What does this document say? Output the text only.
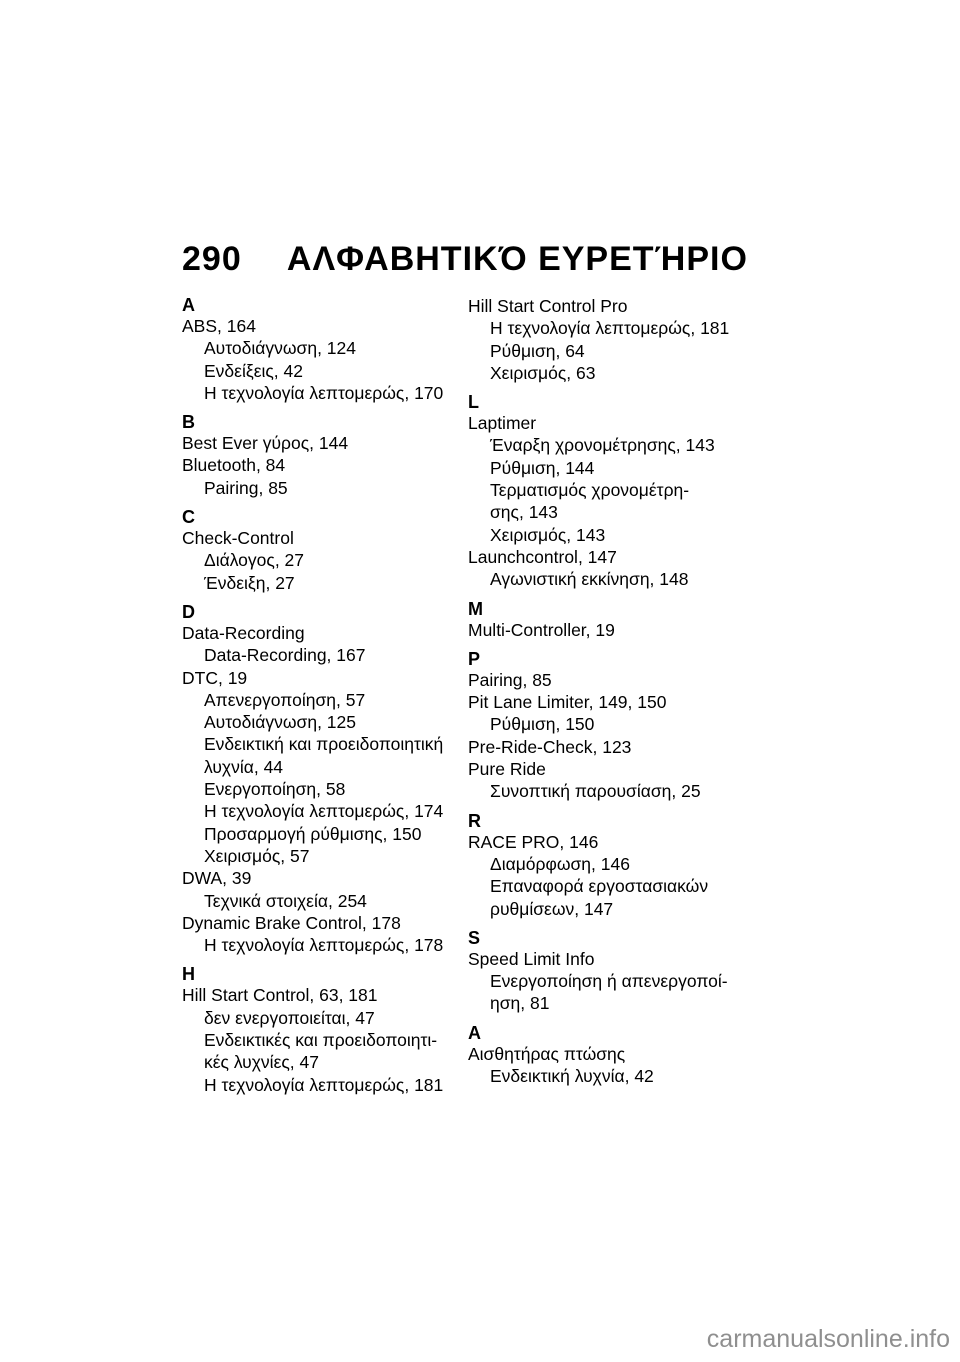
290 ΑΛΦΑΒΗΤΙΚΌ ΕΥΡΕΤΉΡΙΟ
A
ABS, 164
Αυτοδιάγνωση, 124
Ενδείξεις, 42
Η τεχνολογία λεπτομερώς, 170
B
Best Ever γύρος, 144
Bluetooth, 84
Pairing, 85
C
Check-Control
Διάλογος, 27
Ένδειξη, 27
D
Data-Recording
Data-Recording, 167
DTC, 19
Απενεργοποίηση, 57
Αυτοδιάγνωση, 125
Ενδεικτική και προειδοποιητική
λυχνία, 44
Ενεργοποίηση, 58
Η τεχνολογία λεπτομερώς, 174
Προσαρμογή ρύθμισης, 150
Χειρισμός, 57
DWA, 39
Τεχνικά στοιχεία, 254
Dynamic Brake Control, 178
Η τεχνολογία λεπτομερώς, 178
H
Hill Start Control, 63, 181
δεν ενεργοποιείται, 47
Ενδεικτικές και προειδοποιητι-
κές λυχνίες, 47
Η τεχνολογία λεπτομερώς, 181
Hill Start Control Pro
Η τεχνολογία λεπτομερώς, 181
Ρύθμιση, 64
Χειρισμός, 63
L
Laptimer
Έναρξη χρονομέτρησης, 143
Ρύθμιση, 144
Τερματισμός χρονομέτρη-
σης, 143
Χειρισμός, 143
Launchcontrol, 147
Αγωνιστική εκκίνηση, 148
M
Multi-Controller, 19
P
Pairing, 85
Pit Lane Limiter, 149, 150
Ρύθμιση, 150
Pre-Ride-Check, 123
Pure Ride
Συνοπτική παρουσίαση, 25
R
RACE PRO, 146
Διαμόρφωση, 146
Επαναφορά εργοστασιακών
ρυθμίσεων, 147
S
Speed Limit Info
Ενεργοποίηση ή απενεργοποί-
ηση, 81
Α
Αισθητήρας πτώσης
Ενδεικτική λυχνία, 42
carmanualsonline.info
